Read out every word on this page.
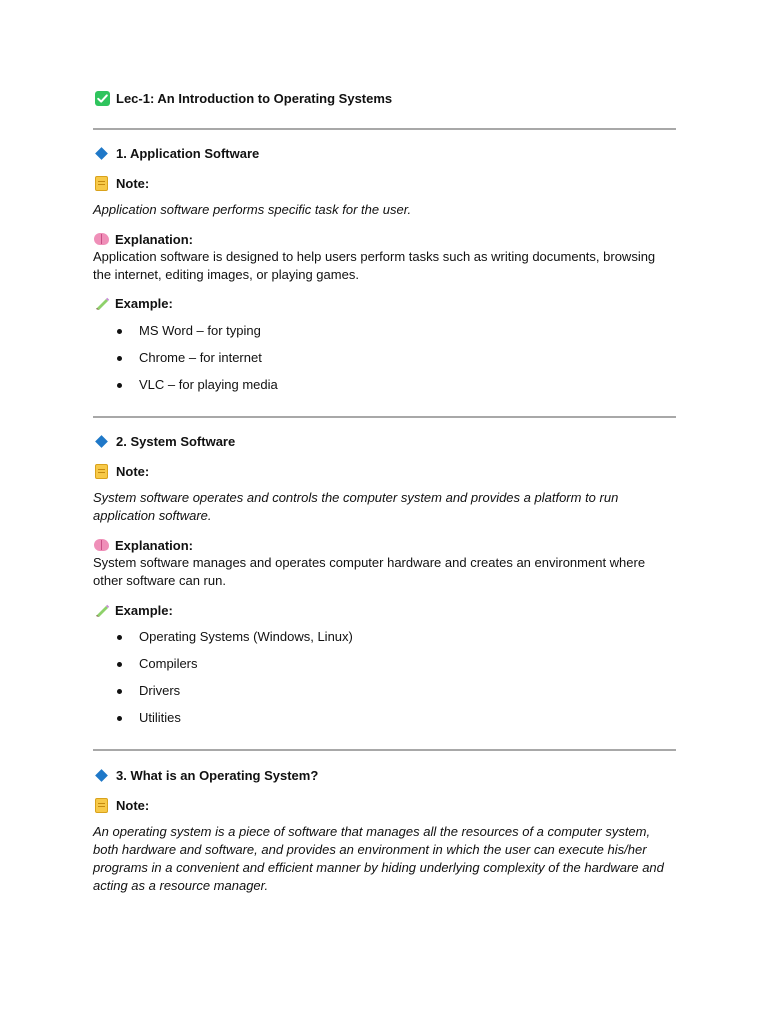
Lec-1: An Introduction to Operating Systems
1. Application Software
Note:
Application software performs specific task for the user.
Explanation:
Application software is designed to help users perform tasks such as writing documents, browsing the internet, editing images, or playing games.
Example:
MS Word – for typing
Chrome – for internet
VLC – for playing media
2. System Software
Note:
System software operates and controls the computer system and provides a platform to run application software.
Explanation:
System software manages and operates computer hardware and creates an environment where other software can run.
Example:
Operating Systems (Windows, Linux)
Compilers
Drivers
Utilities
3. What is an Operating System?
Note:
An operating system is a piece of software that manages all the resources of a computer system, both hardware and software, and provides an environment in which the user can execute his/her programs in a convenient and efficient manner by hiding underlying complexity of the hardware and acting as a resource manager.
